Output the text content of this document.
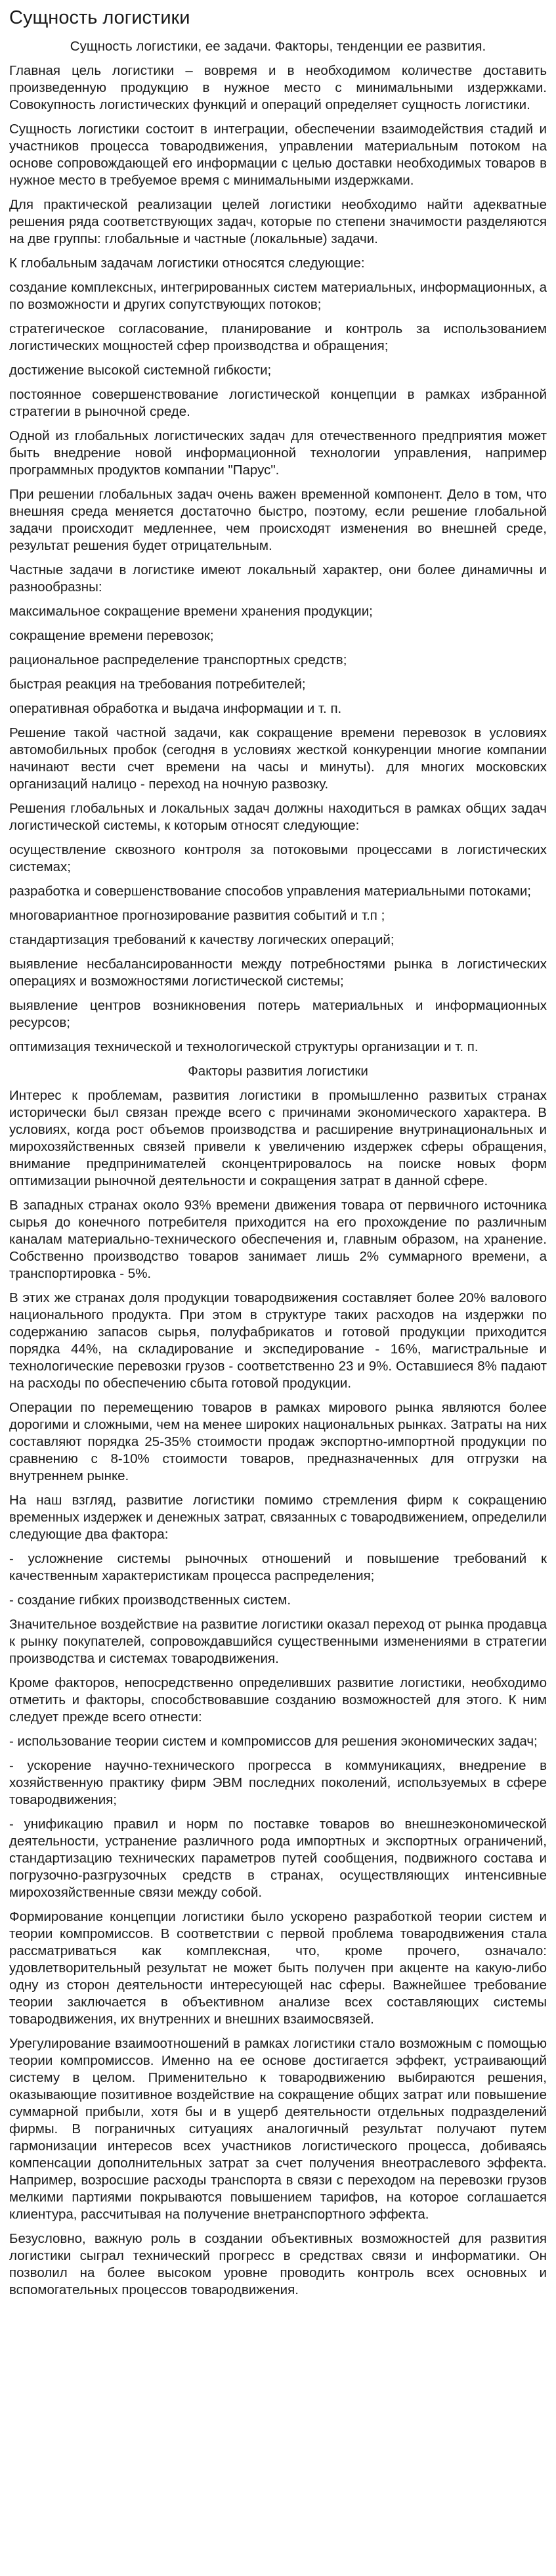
Сущность логистики

Сущность логистики, ее задачи. Факторы, тенденции ее развития.

Главная цель логистики – вовремя и в необходимом количестве доставить произведенную продукцию в нужное место с минимальными издержками. Совокупность логистических функций и операций определяет сущность логистики.

Сущность логистики состоит в интеграции, обеспечении взаимодействия стадий и участников процесса товародвижения, управлении материальным потоком на основе сопровождающей его информации с целью доставки необходимых товаров в нужное место в требуемое время с минимальными издержками.

Для практической реализации целей логистики необходимо найти адекватные решения ряда соответствующих задач, которые по степени значимости разделяются на две группы: глобальные и частные (локальные) задачи.

К глобальным задачам логистики относятся следующие:

создание комплексных, интегрированных систем материальных, информационных, а по возможности и других сопутствующих потоков;

стратегическое согласование, планирование и контроль за использованием логистических мощностей сфер производства и обращения;

достижение высокой системной гибкости;

постоянное совершенствование логистической концепции в рамках избранной стратегии в рыночной среде.

Одной из глобальных логистических задач для отечественного предприятия может быть внедрение новой информационной технологии управления, например программных продуктов компании "Парус".

При решении глобальных задач очень важен временной компонент. Дело в том, что внешняя среда меняется достаточно быстро, поэтому, если решение глобальной задачи происходит медленнее, чем происходят изменения во внешней среде, результат решения будет отрицательным.

Частные задачи в логистике имеют локальный характер, они более динамичны и разнообразны:

максимальное сокращение времени хранения продукции;

сокращение времени перевозок;

рациональное распределение транспортных средств;

быстрая реакция на требования потребителей;

оперативная обработка и выдача информации и т. п.

Решение такой частной задачи, как сокращение времени перевозок в условиях автомобильных пробок (сегодня в условиях жесткой конкуренции многие компании начинают вести счет времени на часы и минуты). для многих московских организаций налицо - переход на ночную развозку.

Решения глобальных и локальных задач должны находиться в рамках общих задач логистической системы, к которым относят следующие:

осуществление сквозного контроля за потоковыми процессами в логистических системах;

разработка и совершенствование способов управления материальными потоками;

многовариантное прогнозирование развития событий и т.п ;

стандартизация требований к качеству логических операций;

выявление несбалансированности между потребностями рынка в логистических операциях и возможностями логистической системы;

выявление центров возникновения потерь материальных и информационных ресурсов;

оптимизация технической и технологической структуры организации и т. п.

Факторы развития логистики

Интерес к проблемам, развития логистики в промышленно развитых странах исторически был связан прежде всего с причинами экономического характера. В условиях, когда рост объемов производства и расширение внутринациональных и мирохозяйственных связей привели к увеличению издержек сферы обращения, внимание предпринимателей сконцентрировалось на поиске новых форм оптимизации рыночной деятельности и сокращения затрат в данной сфере.

В западных странах около 93% времени движения товара от первичного источника сырья до конечного потребителя приходится на его прохождение по различным каналам материально-технического обеспечения и, главным образом, на хранение. Собственно производство товаров занимает лишь 2% суммарного времени, а транспортировка - 5%.

В этих же странах доля продукции товародвижения составляет более 20% валового национального продукта. При этом в структуре таких расходов на издержки по содержанию запасов сырья, полуфабрикатов и готовой продукции приходится порядка 44%, на складирование и экспедирование - 16%, магистральные и технологические перевозки грузов - соответственно 23 и 9%. Оставшиеся 8% падают на расходы по обеспечению сбыта готовой продукции.

Операции по перемещению товаров в рамках мирового рынка являются более дорогими и сложными, чем на менее широких национальных рынках. Затраты на них составляют порядка 25-35% стоимости продаж экспортно-импортной продукции по сравнению с 8-10% стоимости товаров, предназначенных для отгрузки на внутреннем рынке.

На наш взгляд, развитие логистики помимо стремления фирм к сокращению временных издержек и денежных затрат, связанных с товародвижением, определили следующие два фактора:

- усложнение системы рыночных отношений и повышение требований к качественным характеристикам процесса распределения;

- создание гибких производственных систем.

Значительное воздействие на развитие логистики оказал переход от рынка продавца к рынку покупателей, сопровождавшийся существенными изменениями в стратегии производства и системах товародвижения.

Кроме факторов, непосредственно определивших развитие логистики, необходимо отметить и факторы, способствовавшие созданию возможностей для этого. К ним следует прежде всего отнести:

- использование теории систем и компромиссов для решения экономических задач;

- ускорение научно-технического прогресса в коммуникациях, внедрение в хозяйственную практику фирм ЭВМ последних поколений, используемых в сфере товародвижения;

- унификацию правил и норм по поставке товаров во внешнеэкономической деятельности, устранение различного рода импортных и экспортных ограничений, стандартизацию технических параметров путей сообщения, подвижного состава и погрузочно-разгрузочных средств в странах, осуществляющих интенсивные мирохозяйственные связи между собой.

Формирование концепции логистики было ускорено разработкой теории систем и теории компромиссов. В соответствии с первой проблема товародвижения стала рассматриваться как комплексная, что, кроме прочего, означало: удовлетворительный результат не может быть получен при акценте на какую-либо одну из сторон деятельности интересующей нас сферы. Важнейшее требование теории заключается в объективном анализе всех составляющих системы товародвижения, их внутренних и внешних взаимосвязей.

Урегулирование взаимоотношений в рамках логистики стало возможным с помощью теории компромиссов. Именно на ее основе достигается эффект, устраивающий систему в целом. Применительно к товародвижению выбираются решения, оказывающие позитивное воздействие на сокращение общих затрат или повышение суммарной прибыли, хотя бы и в ущерб деятельности отдельных подразделений фирмы. В пограничных ситуациях аналогичный результат получают путем гармонизации интересов всех участников логистического процесса, добиваясь компенсации дополнительных затрат за счет получения внеотраслевого эффекта. Например, возросшие расходы транспорта в связи с переходом на перевозки грузов мелкими партиями покрываются повышением тарифов, на которое соглашается клиентура, рассчитывая на получение внетранспортного эффекта.

Безусловно, важную роль в создании объективных возможностей для развития логистики сыграл технический прогресс в средствах связи и информатики. Он позволил на более высоком уровне проводить контроль всех основных и вспомогательных процессов товародвижения.
